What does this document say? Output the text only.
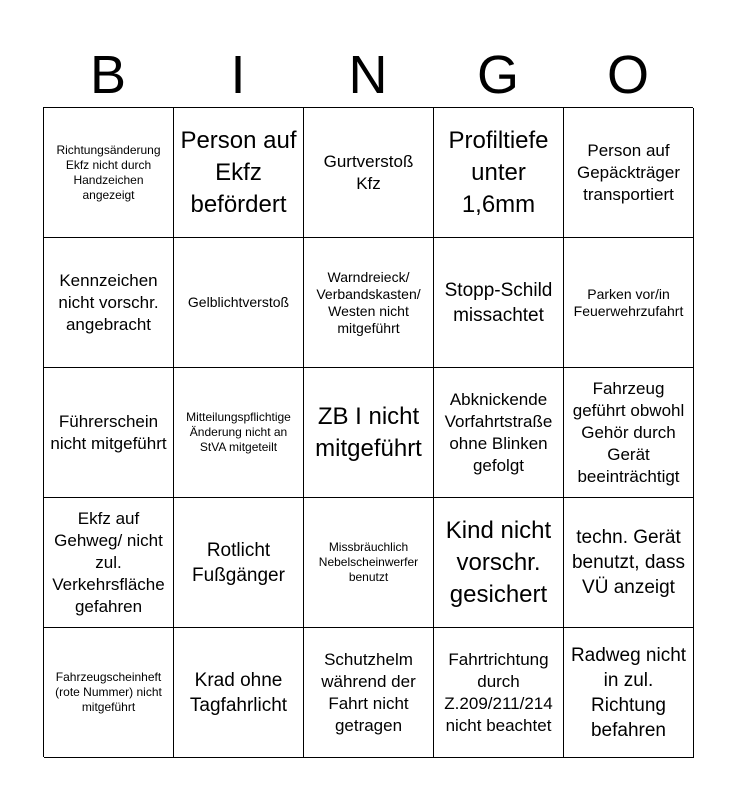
B	I	N	G	O
Richtungsänderung Ekfz nicht durch Handzeichen angezeigt
Person auf Ekfz befördert
Gurtverstoß Kfz
Profiltiefe unter 1,6mm
Person auf Gepäckträger transportiert
Kennzeichen nicht vorschr. angebracht
Gelblichtverstoß
Warndreieck/ Verbandskasten/ Westen nicht mitgeführt
Stopp-Schild missachtet
Parken vor/in Feuerwehrzufahrt
Führerschein nicht mitgeführt
Mitteilungspflichtige Änderung nicht an StVA mitgeteilt
ZB I nicht mitgeführt
Abknickende Vorfahrtstraße ohne Blinken gefolgt
Fahrzeug geführt obwohl Gehör durch Gerät beeinträchtigt
Ekfz auf Gehweg/ nicht zul. Verkehrsfläche gefahren
Rotlicht Fußgänger
Missbräuchlich Nebelscheinwerfer benutzt
Kind nicht vorschr. gesichert
techn. Gerät benutzt, dass VÜ anzeigt
Fahrzeugscheinheft (rote Nummer) nicht mitgeführt
Krad ohne Tagfahrlicht
Schutzhelm während der Fahrt nicht getragen
Fahrtrichtung durch Z.209/211/214 nicht beachtet
Radweg nicht in zul. Richtung befahren
